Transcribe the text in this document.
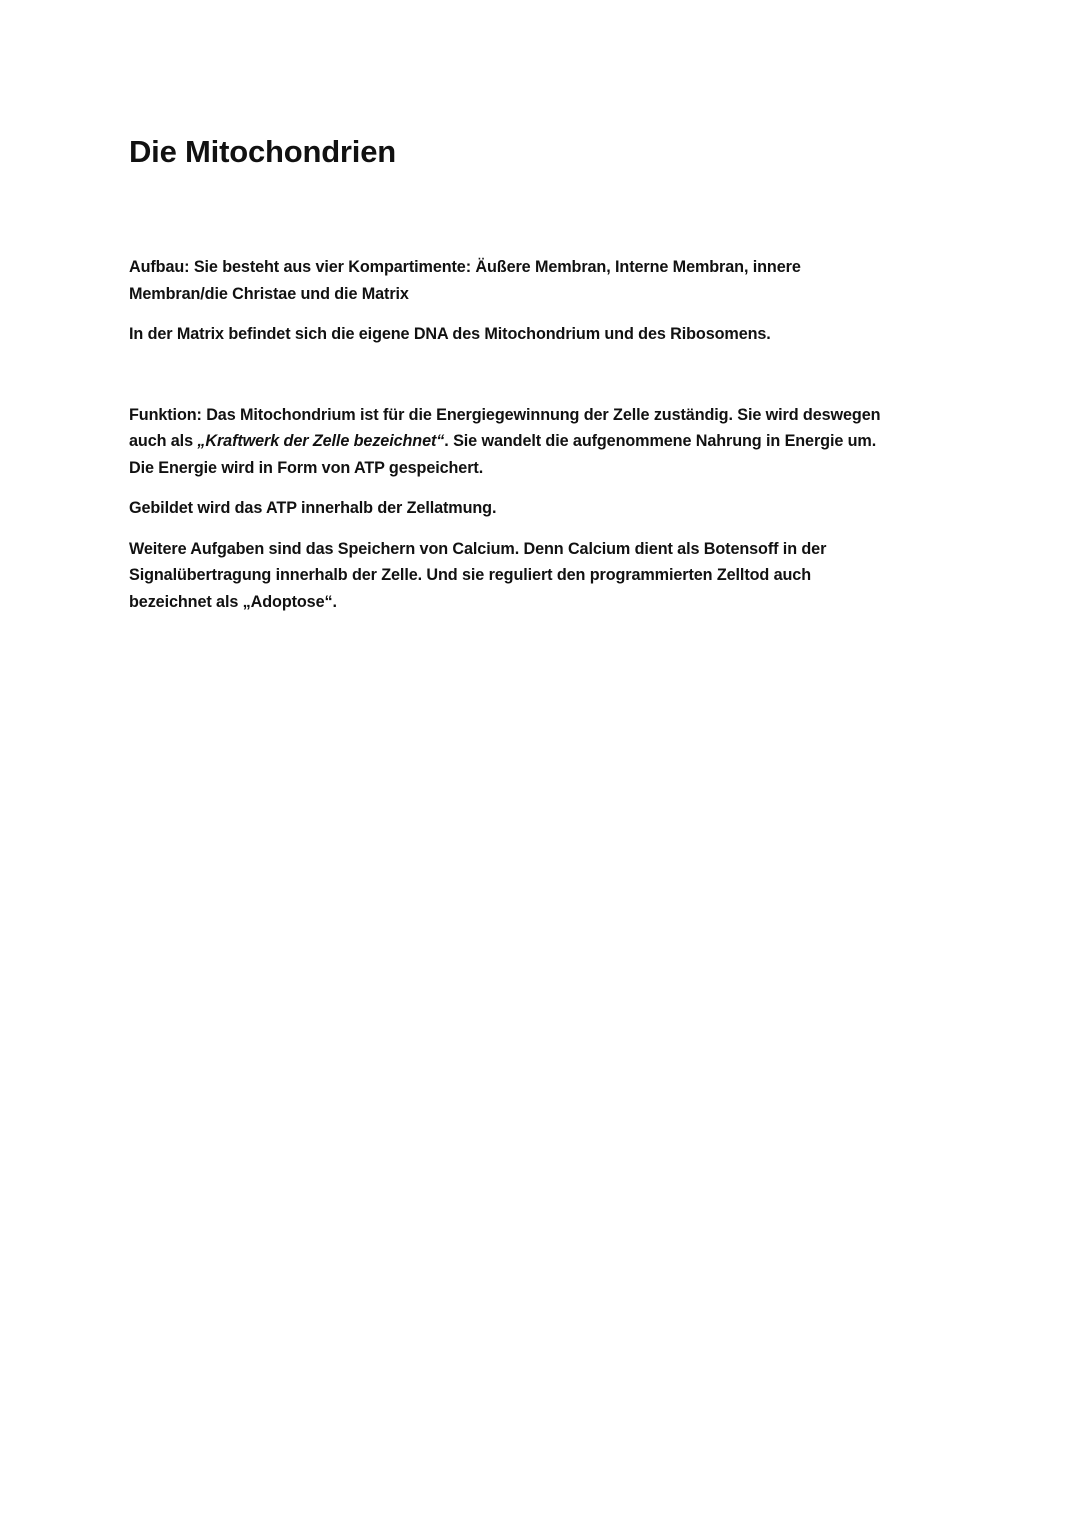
Die Mitochondrien

Aufbau: Sie besteht aus vier Kompartimente: Äußere Membran, Interne Membran, innere
Membran/die Christae und die Matrix

In der Matrix befindet sich die eigene DNA des Mitochondrium und des Ribosomens.

Funktion: Das Mitochondrium ist für die Energiegewinnung der Zelle zuständig. Sie wird deswegen
auch als „Kraftwerk der Zelle bezeichnet“. Sie wandelt die aufgenommene Nahrung in Energie um.
Die Energie wird in Form von ATP gespeichert.

Gebildet wird das ATP innerhalb der Zellatmung.

Weitere Aufgaben sind das Speichern von Calcium. Denn Calcium dient als Botensoff in der
Signalübertragung innerhalb der Zelle. Und sie reguliert den programmierten Zelltod auch
bezeichnet als „Adoptose“.
